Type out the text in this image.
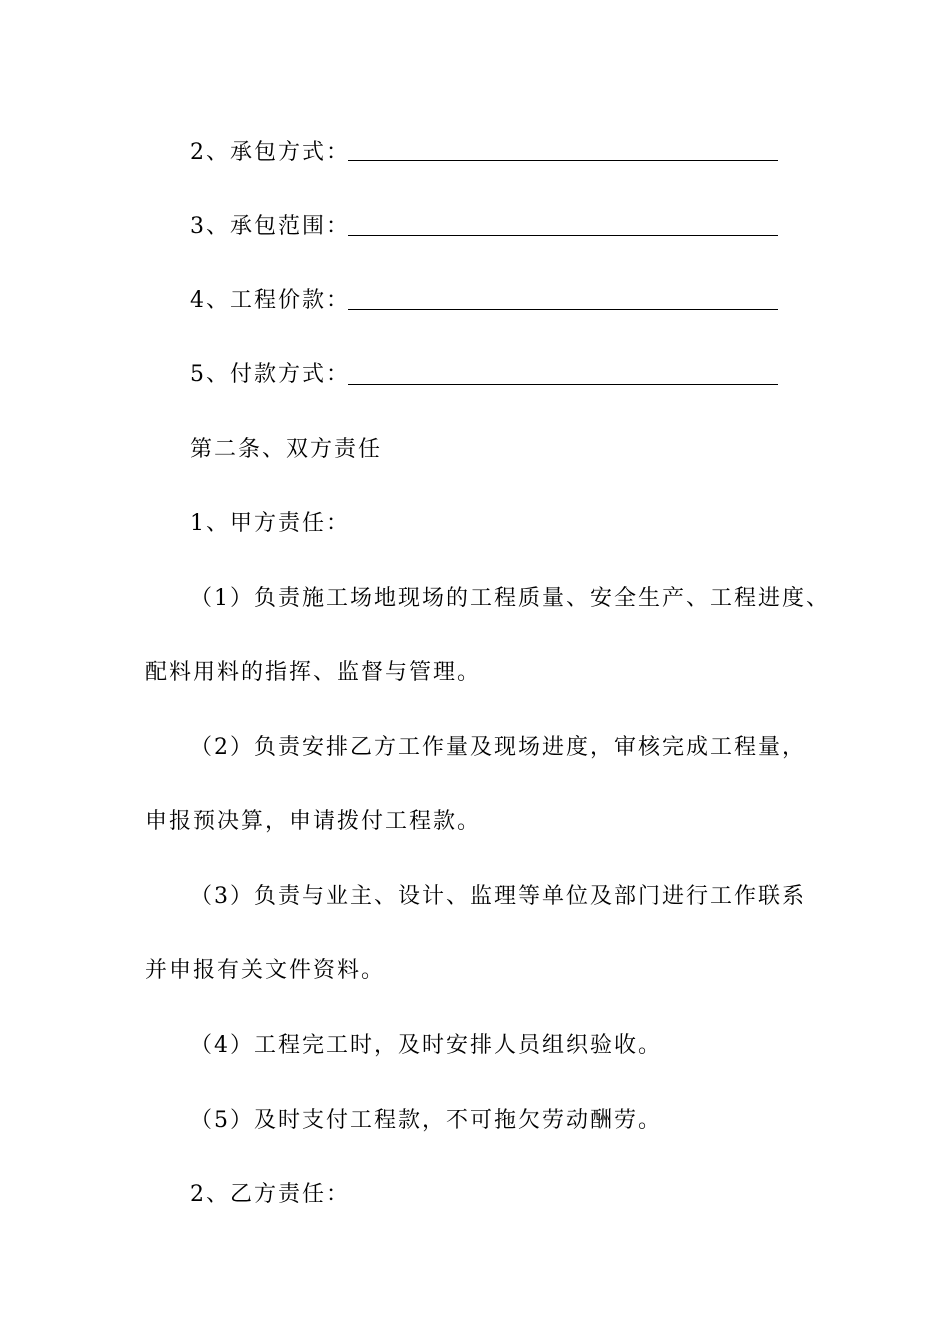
2、承包方式：
3、承包范围：
4、工程价款：
5、付款方式：
第二条、双方责任
1、甲方责任：
（1）负责施工场地现场的工程质量、安全生产、工程进度、
配料用料的指挥、监督与管理。
（2）负责安排乙方工作量及现场进度，审核完成工程量，
申报预决算，申请拨付工程款。
（3）负责与业主、设计、监理等单位及部门进行工作联系
并申报有关文件资料。
（4）工程完工时，及时安排人员组织验收。
（5）及时支付工程款，不可拖欠劳动酬劳。
2、乙方责任：
